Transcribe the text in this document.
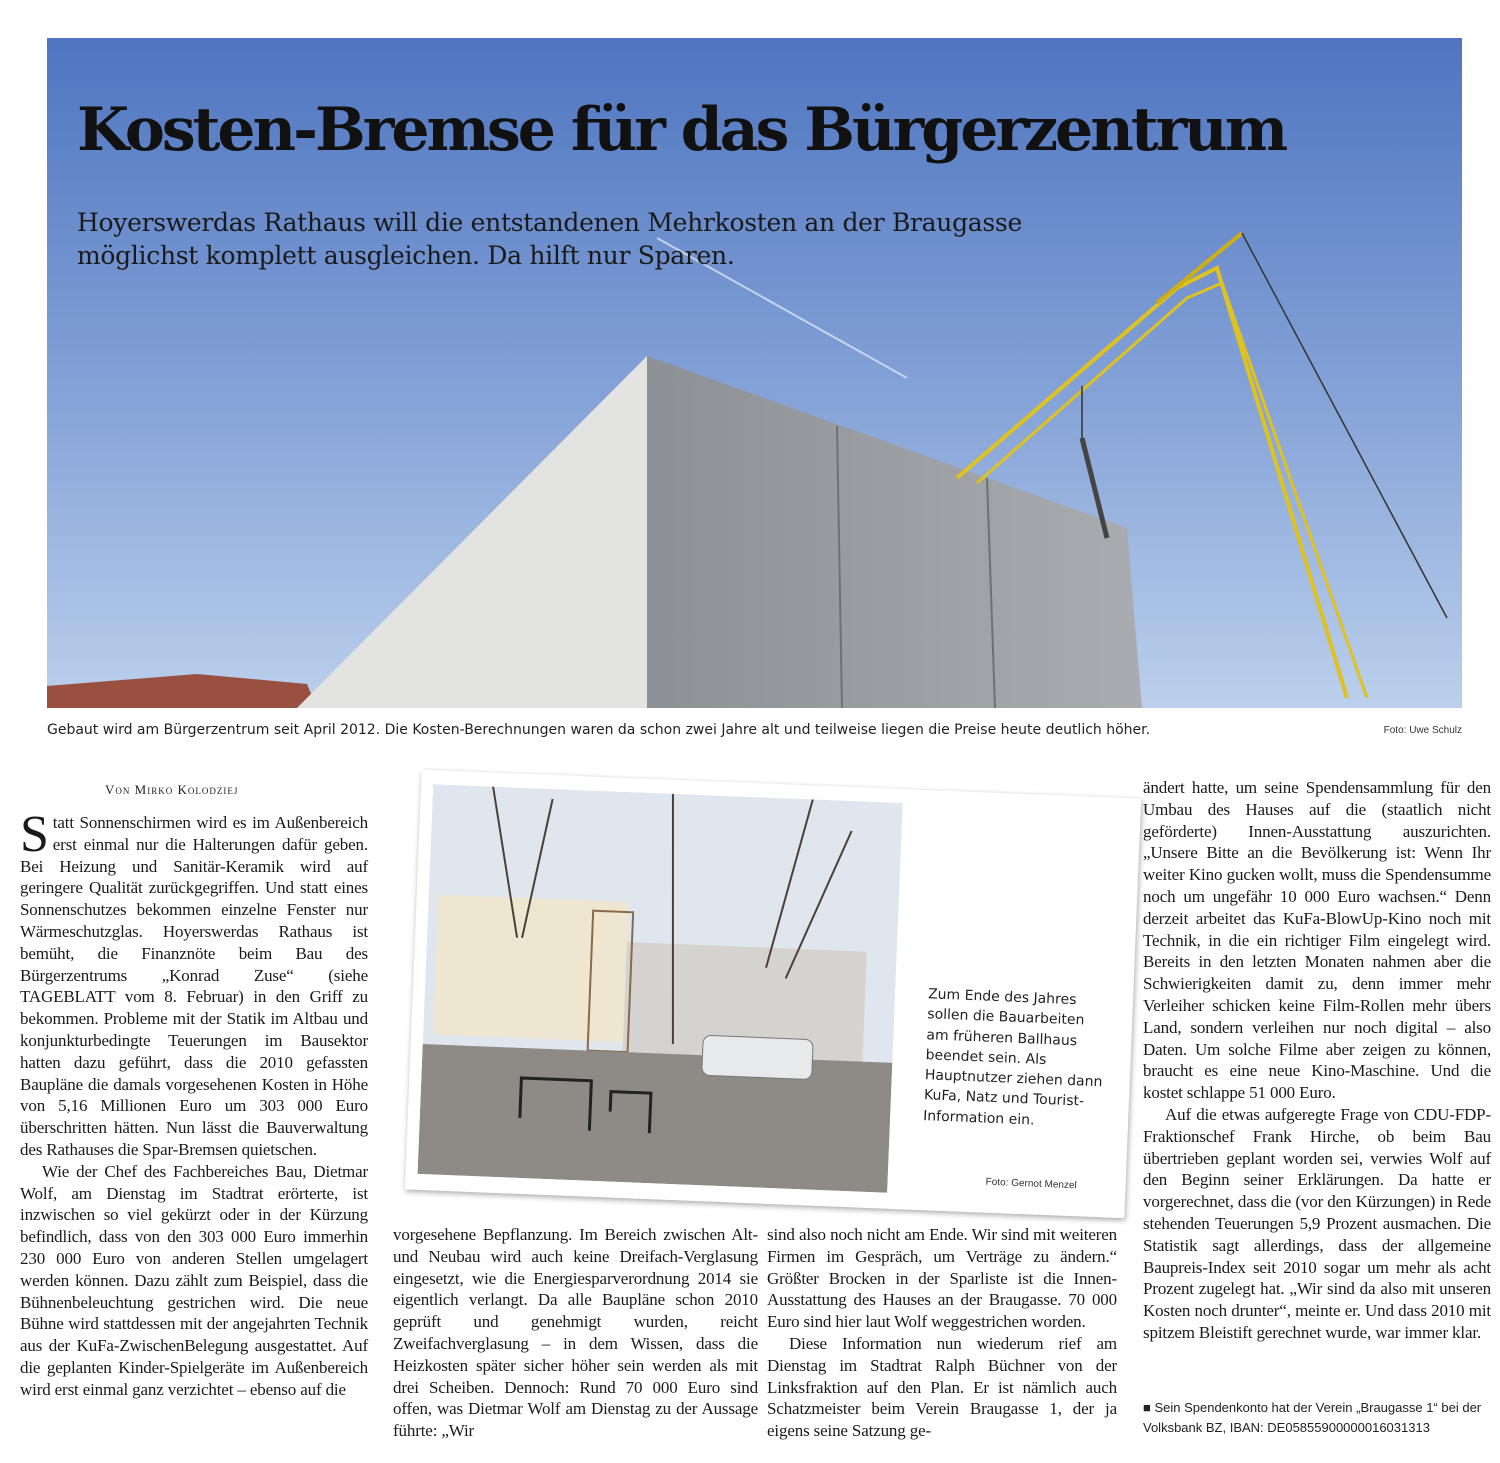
Kosten-Bremse für das Bürgerzentrum

Hoyerswerdas Rathaus will die entstandenen Mehrkosten an der Braugasse möglichst komplett ausgleichen. Da hilft nur Sparen.

Gebaut wird am Bürgerzentrum seit April 2012. Die Kosten-Berechnungen waren da schon zwei Jahre alt und teilweise liegen die Preise heute deutlich höher.	Foto: Uwe Schulz
Von Mirko Kolodziej

Statt Sonnenschirmen wird es im Außenbereich erst einmal nur die Halterungen dafür geben. Bei Heizung und Sanitär-Keramik wird auf geringere Qualität zurückgegriffen. Und statt eines Sonnenschutzes bekommen einzelne Fenster nur Wärmeschutzglas. Hoyerswerdas Rathaus ist bemüht, die Finanznöte beim Bau des Bürgerzentrums „Konrad Zuse“ (siehe TAGEBLATT vom 8. Februar) in den Griff zu bekommen. Probleme mit der Statik im Altbau und konjunkturbedingte Teuerungen im Bausektor hatten dazu geführt, dass die 2010 gefassten Baupläne die damals vorgesehenen Kosten in Höhe von 5,16 Millionen Euro um 303 000 Euro überschritten hätten. Nun lässt die Bauverwaltung des Rathauses die Spar-Bremsen quietschen.

Wie der Chef des Fachbereiches Bau, Dietmar Wolf, am Dienstag im Stadtrat erörterte, ist inzwischen so viel gekürzt oder in der Kürzung befindlich, dass von den 303 000 Euro immerhin 230 000 Euro von anderen Stellen umgelagert werden können. Dazu zählt zum Beispiel, dass die Bühnenbeleuchtung gestrichen wird. Die neue Bühne wird stattdessen mit der angejahrten Technik aus der KuFa-ZwischenBelegung ausgestattet. Auf die geplanten Kinder-Spielgeräte im Außenbereich wird erst einmal ganz verzichtet – ebenso auf die

Zum Ende des Jahres sollen die Bauarbeiten am früheren Ballhaus beendet sein. Als Hauptnutzer ziehen dann KuFa, Natz und Tourist-Information ein.
Foto: Gernot Menzel

vorgesehene Bepflanzung. Im Bereich zwischen Alt- und Neubau wird auch keine Dreifach-Verglasung eingesetzt, wie die Energiesparverordnung 2014 sie eigentlich verlangt. Da alle Baupläne schon 2010 geprüft und genehmigt wurden, reicht Zweifachverglasung – in dem Wissen, dass die Heizkosten später sicher höher sein werden als mit drei Scheiben. Dennoch: Rund 70 000 Euro sind offen, was Dietmar Wolf am Dienstag zu der Aussage führte: „Wir

sind also noch nicht am Ende. Wir sind mit weiteren Firmen im Gespräch, um Verträge zu ändern.“ Größter Brocken in der Sparliste ist die Innen-Ausstattung des Hauses an der Braugasse. 70 000 Euro sind hier laut Wolf weggestrichen worden.

Diese Information nun wiederum rief am Dienstag im Stadtrat Ralph Büchner von der Linksfraktion auf den Plan. Er ist nämlich auch Schatzmeister beim Verein Braugasse 1, der ja eigens seine Satzung ge-

ändert hatte, um seine Spendensammlung für den Umbau des Hauses auf die (staatlich nicht geförderte) Innen-Ausstattung auszurichten. „Unsere Bitte an die Bevölkerung ist: Wenn Ihr weiter Kino gucken wollt, muss die Spendensumme noch um ungefähr 10 000 Euro wachsen.“ Denn derzeit arbeitet das KuFa-BlowUp-Kino noch mit Technik, in die ein richtiger Film eingelegt wird. Bereits in den letzten Monaten nahmen aber die Schwierigkeiten damit zu, denn immer mehr Verleiher schicken keine Film-Rollen mehr übers Land, sondern verleihen nur noch digital – also Daten. Um solche Filme aber zeigen zu können, braucht es eine neue Kino-Maschine. Und die kostet schlappe 51 000 Euro.

Auf die etwas aufgeregte Frage von CDU-FDP-Fraktionschef Frank Hirche, ob beim Bau übertrieben geplant worden sei, verwies Wolf auf den Beginn seiner Erklärungen. Da hatte er vorgerechnet, dass die (vor den Kürzungen) in Rede stehenden Teuerungen 5,9 Prozent ausmachen. Die Statistik sagt allerdings, dass der allgemeine Baupreis-Index seit 2010 sogar um mehr als acht Prozent zugelegt hat. „Wir sind da also mit unseren Kosten noch drunter“, meinte er. Und dass 2010 mit spitzem Bleistift gerechnet wurde, war immer klar.

■ Sein Spendenkonto hat der Verein „Braugasse 1“ bei der Volksbank BZ, IBAN: DE05855900000016031313
